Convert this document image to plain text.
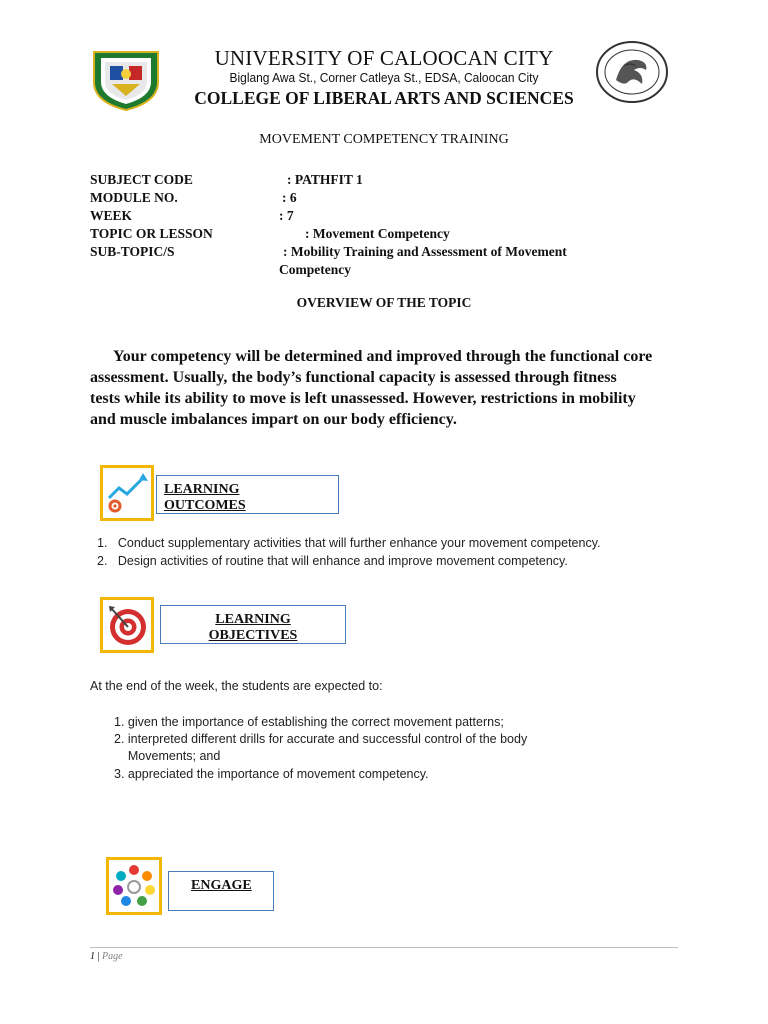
UNIVERSITY OF CALOOCAN CITY
Biglang Awa St., Corner Catleya St., EDSA, Caloocan City
COLLEGE OF LIBERAL ARTS AND SCIENCES
MOVEMENT COMPETENCY TRAINING
SUBJECT CODE	: PATHFIT 1
MODULE NO.	: 6
WEEK	: 7
TOPIC OR LESSON	: Movement Competency
SUB-TOPIC/S	: Mobility Training and Assessment of Movement
Competency
OVERVIEW OF THE TOPIC
Your competency will be determined and improved through the functional core
assessment. Usually, the body’s functional capacity is assessed through fitness
tests while its ability to move is left unassessed. However, restrictions in mobility
and muscle imbalances impart on our body efficiency.
LEARNING
OUTCOMES
1.   Conduct supplementary activities that will further enhance your movement competency.
2.   Design activities of routine that will enhance and improve movement competency.
LEARNING
OBJECTIVES
At the end of the week, the students are expected to:
1. given the importance of establishing the correct movement patterns;
2. interpreted different drills for accurate and successful control of the body
Movements; and
3. appreciated the importance of movement competency.
ENGAGE
1 | Page
